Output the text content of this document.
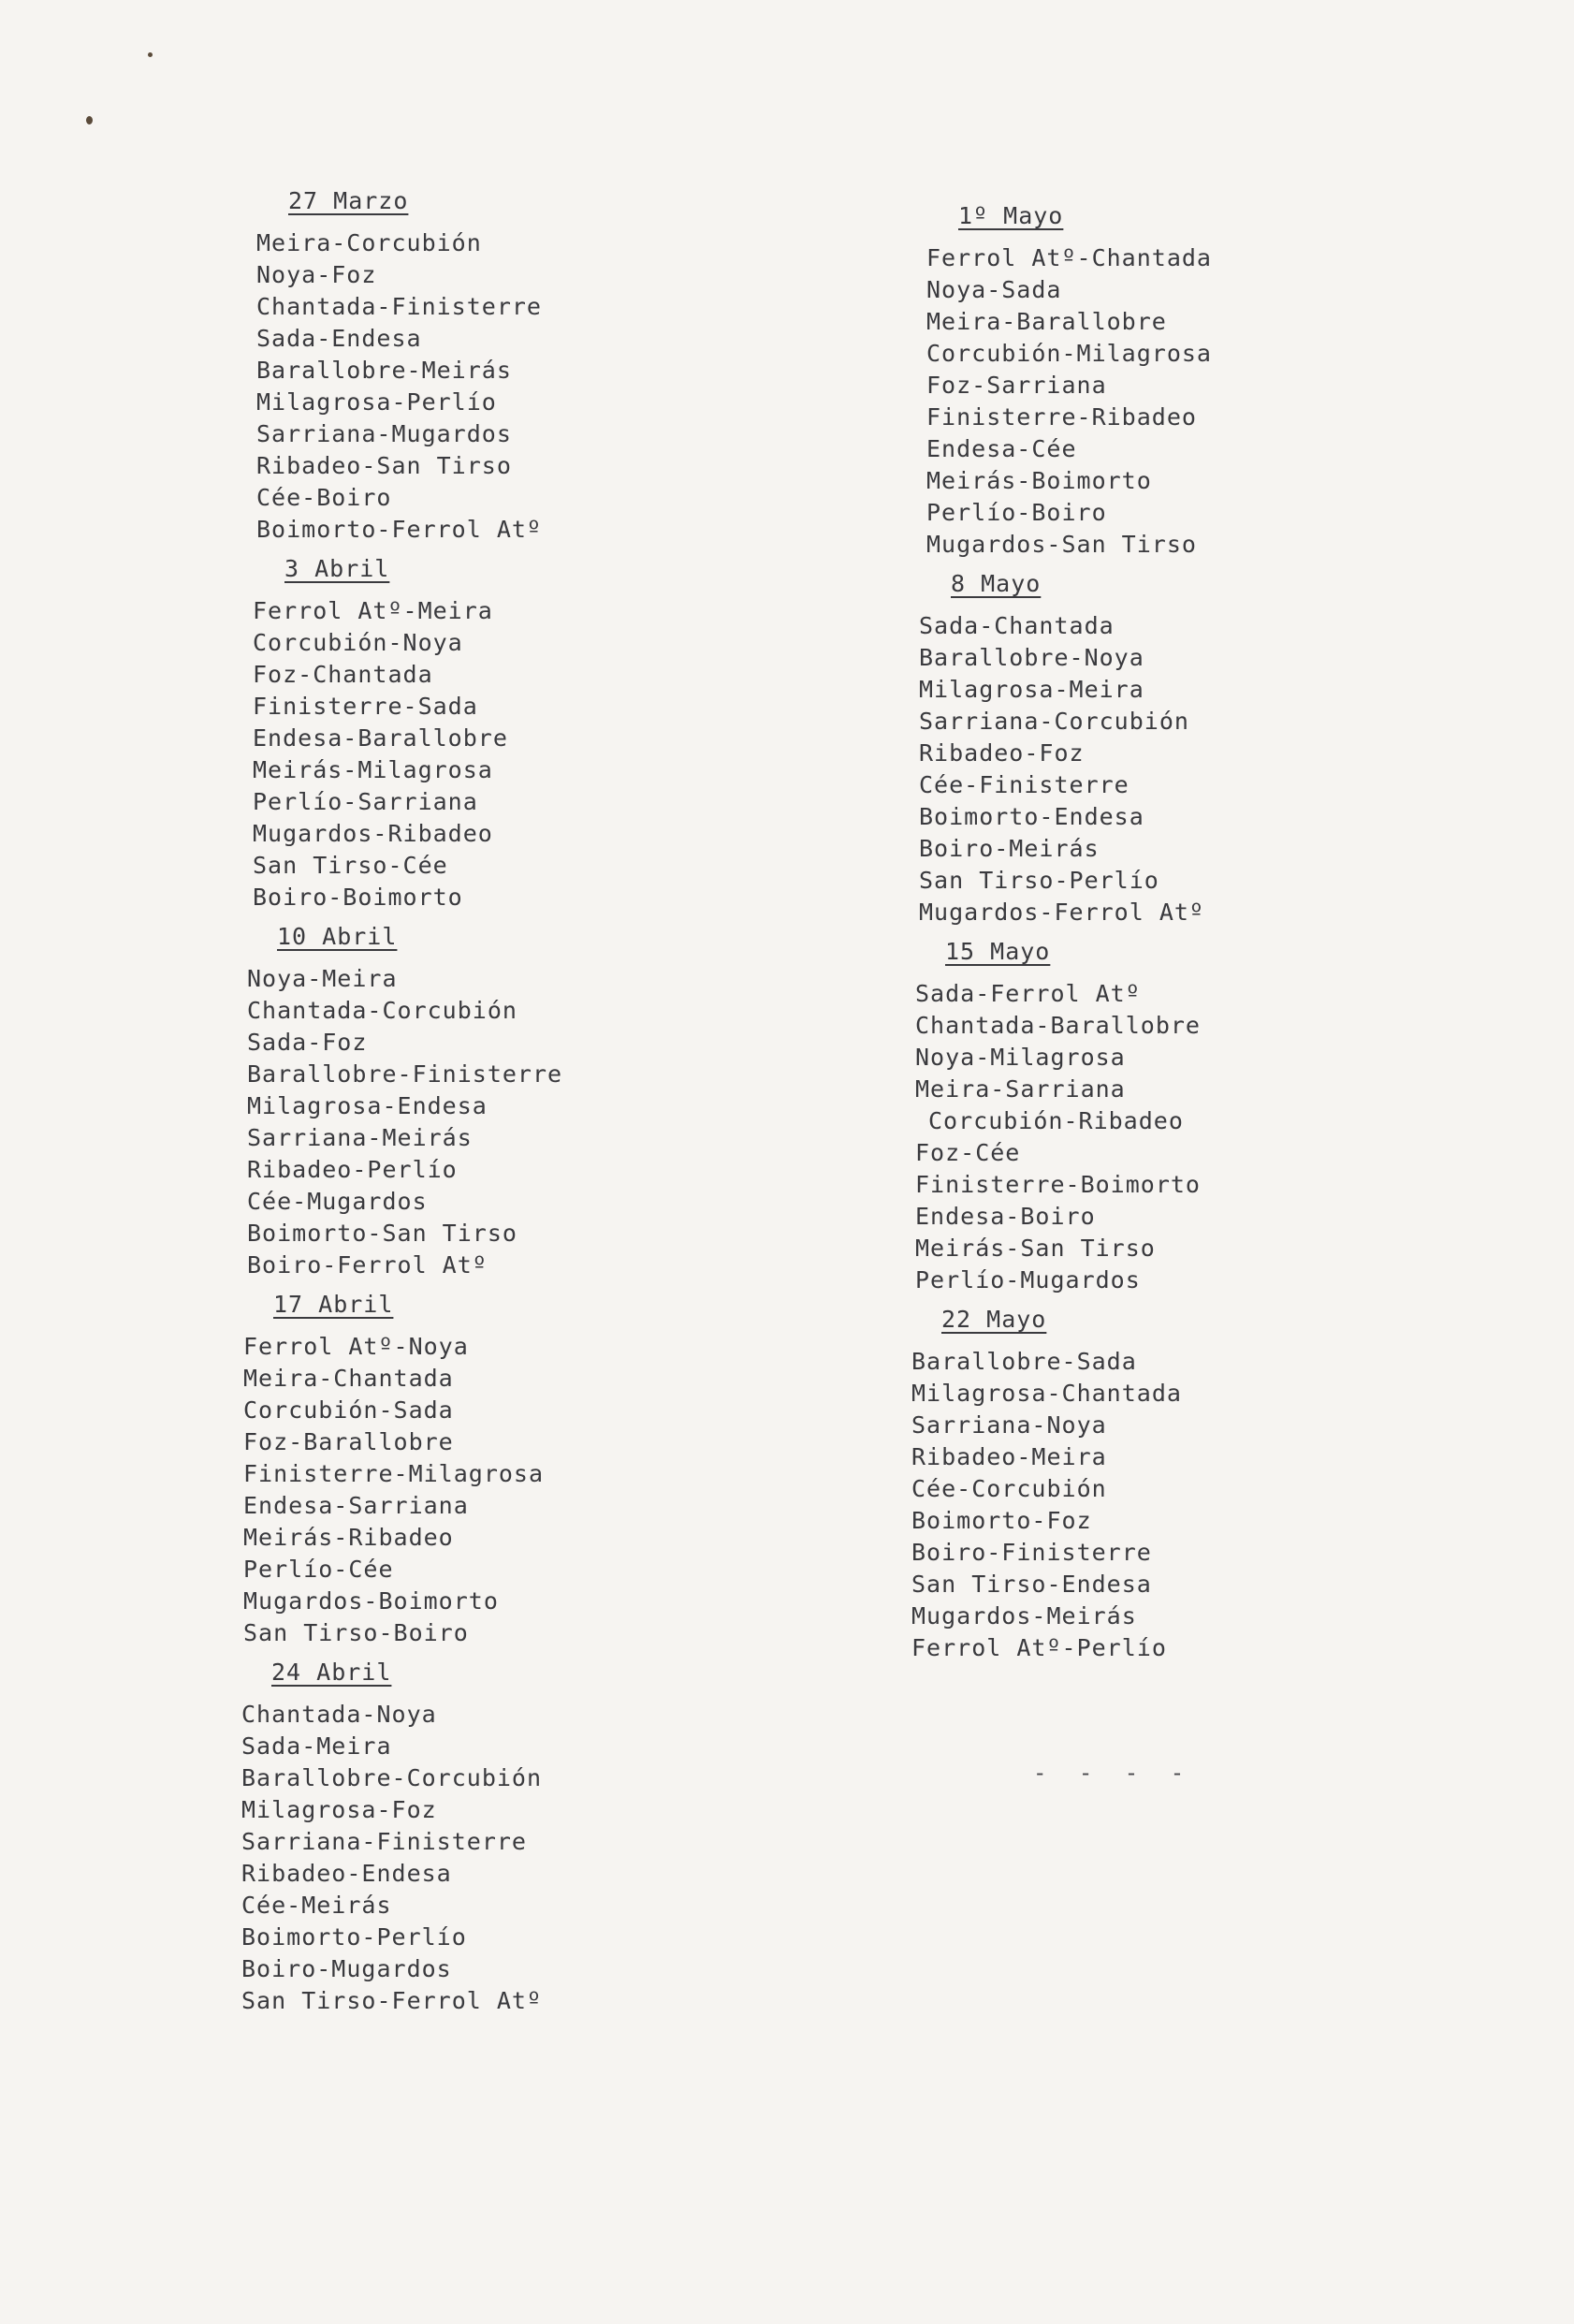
27 Marzo
Meira-Corcubión
Noya-Foz
Chantada-Finisterre
Sada-Endesa
Barallobre-Meirás
Milagrosa-Perlío
Sarriana-Mugardos
Ribadeo-San Tirso
Cée-Boiro
Boimorto-Ferrol Atº
3 Abril
Ferrol Atº-Meira
Corcubión-Noya
Foz-Chantada
Finisterre-Sada
Endesa-Barallobre
Meirás-Milagrosa
Perlío-Sarriana
Mugardos-Ribadeo
San Tirso-Cée
Boiro-Boimorto
10 Abril
Noya-Meira
Chantada-Corcubión
Sada-Foz
Barallobre-Finisterre
Milagrosa-Endesa
Sarriana-Meirás
Ribadeo-Perlío
Cée-Mugardos
Boimorto-San Tirso
Boiro-Ferrol Atº
17 Abril
Ferrol Atº-Noya
Meira-Chantada
Corcubión-Sada
Foz-Barallobre
Finisterre-Milagrosa
Endesa-Sarriana
Meirás-Ribadeo
Perlío-Cée
Mugardos-Boimorto
San Tirso-Boiro
24 Abril
Chantada-Noya
Sada-Meira
Barallobre-Corcubión
Milagrosa-Foz
Sarriana-Finisterre
Ribadeo-Endesa
Cée-Meirás
Boimorto-Perlío
Boiro-Mugardos
San Tirso-Ferrol Atº
1º Mayo
Ferrol Atº-Chantada
Noya-Sada
Meira-Barallobre
Corcubión-Milagrosa
Foz-Sarriana
Finisterre-Ribadeo
Endesa-Cée
Meirás-Boimorto
Perlío-Boiro
Mugardos-San Tirso
8 Mayo
Sada-Chantada
Barallobre-Noya
Milagrosa-Meira
Sarriana-Corcubión
Ribadeo-Foz
Cée-Finisterre
Boimorto-Endesa
Boiro-Meirás
San Tirso-Perlío
Mugardos-Ferrol Atº
15 Mayo
Sada-Ferrol Atº
Chantada-Barallobre
Noya-Milagrosa
Meira-Sarriana
Corcubión-Ribadeo
Foz-Cée
Finisterre-Boimorto
Endesa-Boiro
Meirás-San Tirso
Perlío-Mugardos
22 Mayo
Barallobre-Sada
Milagrosa-Chantada
Sarriana-Noya
Ribadeo-Meira
Cée-Corcubión
Boimorto-Foz
Boiro-Finisterre
San Tirso-Endesa
Mugardos-Meirás
Ferrol Atº-Perlío
- - - -
